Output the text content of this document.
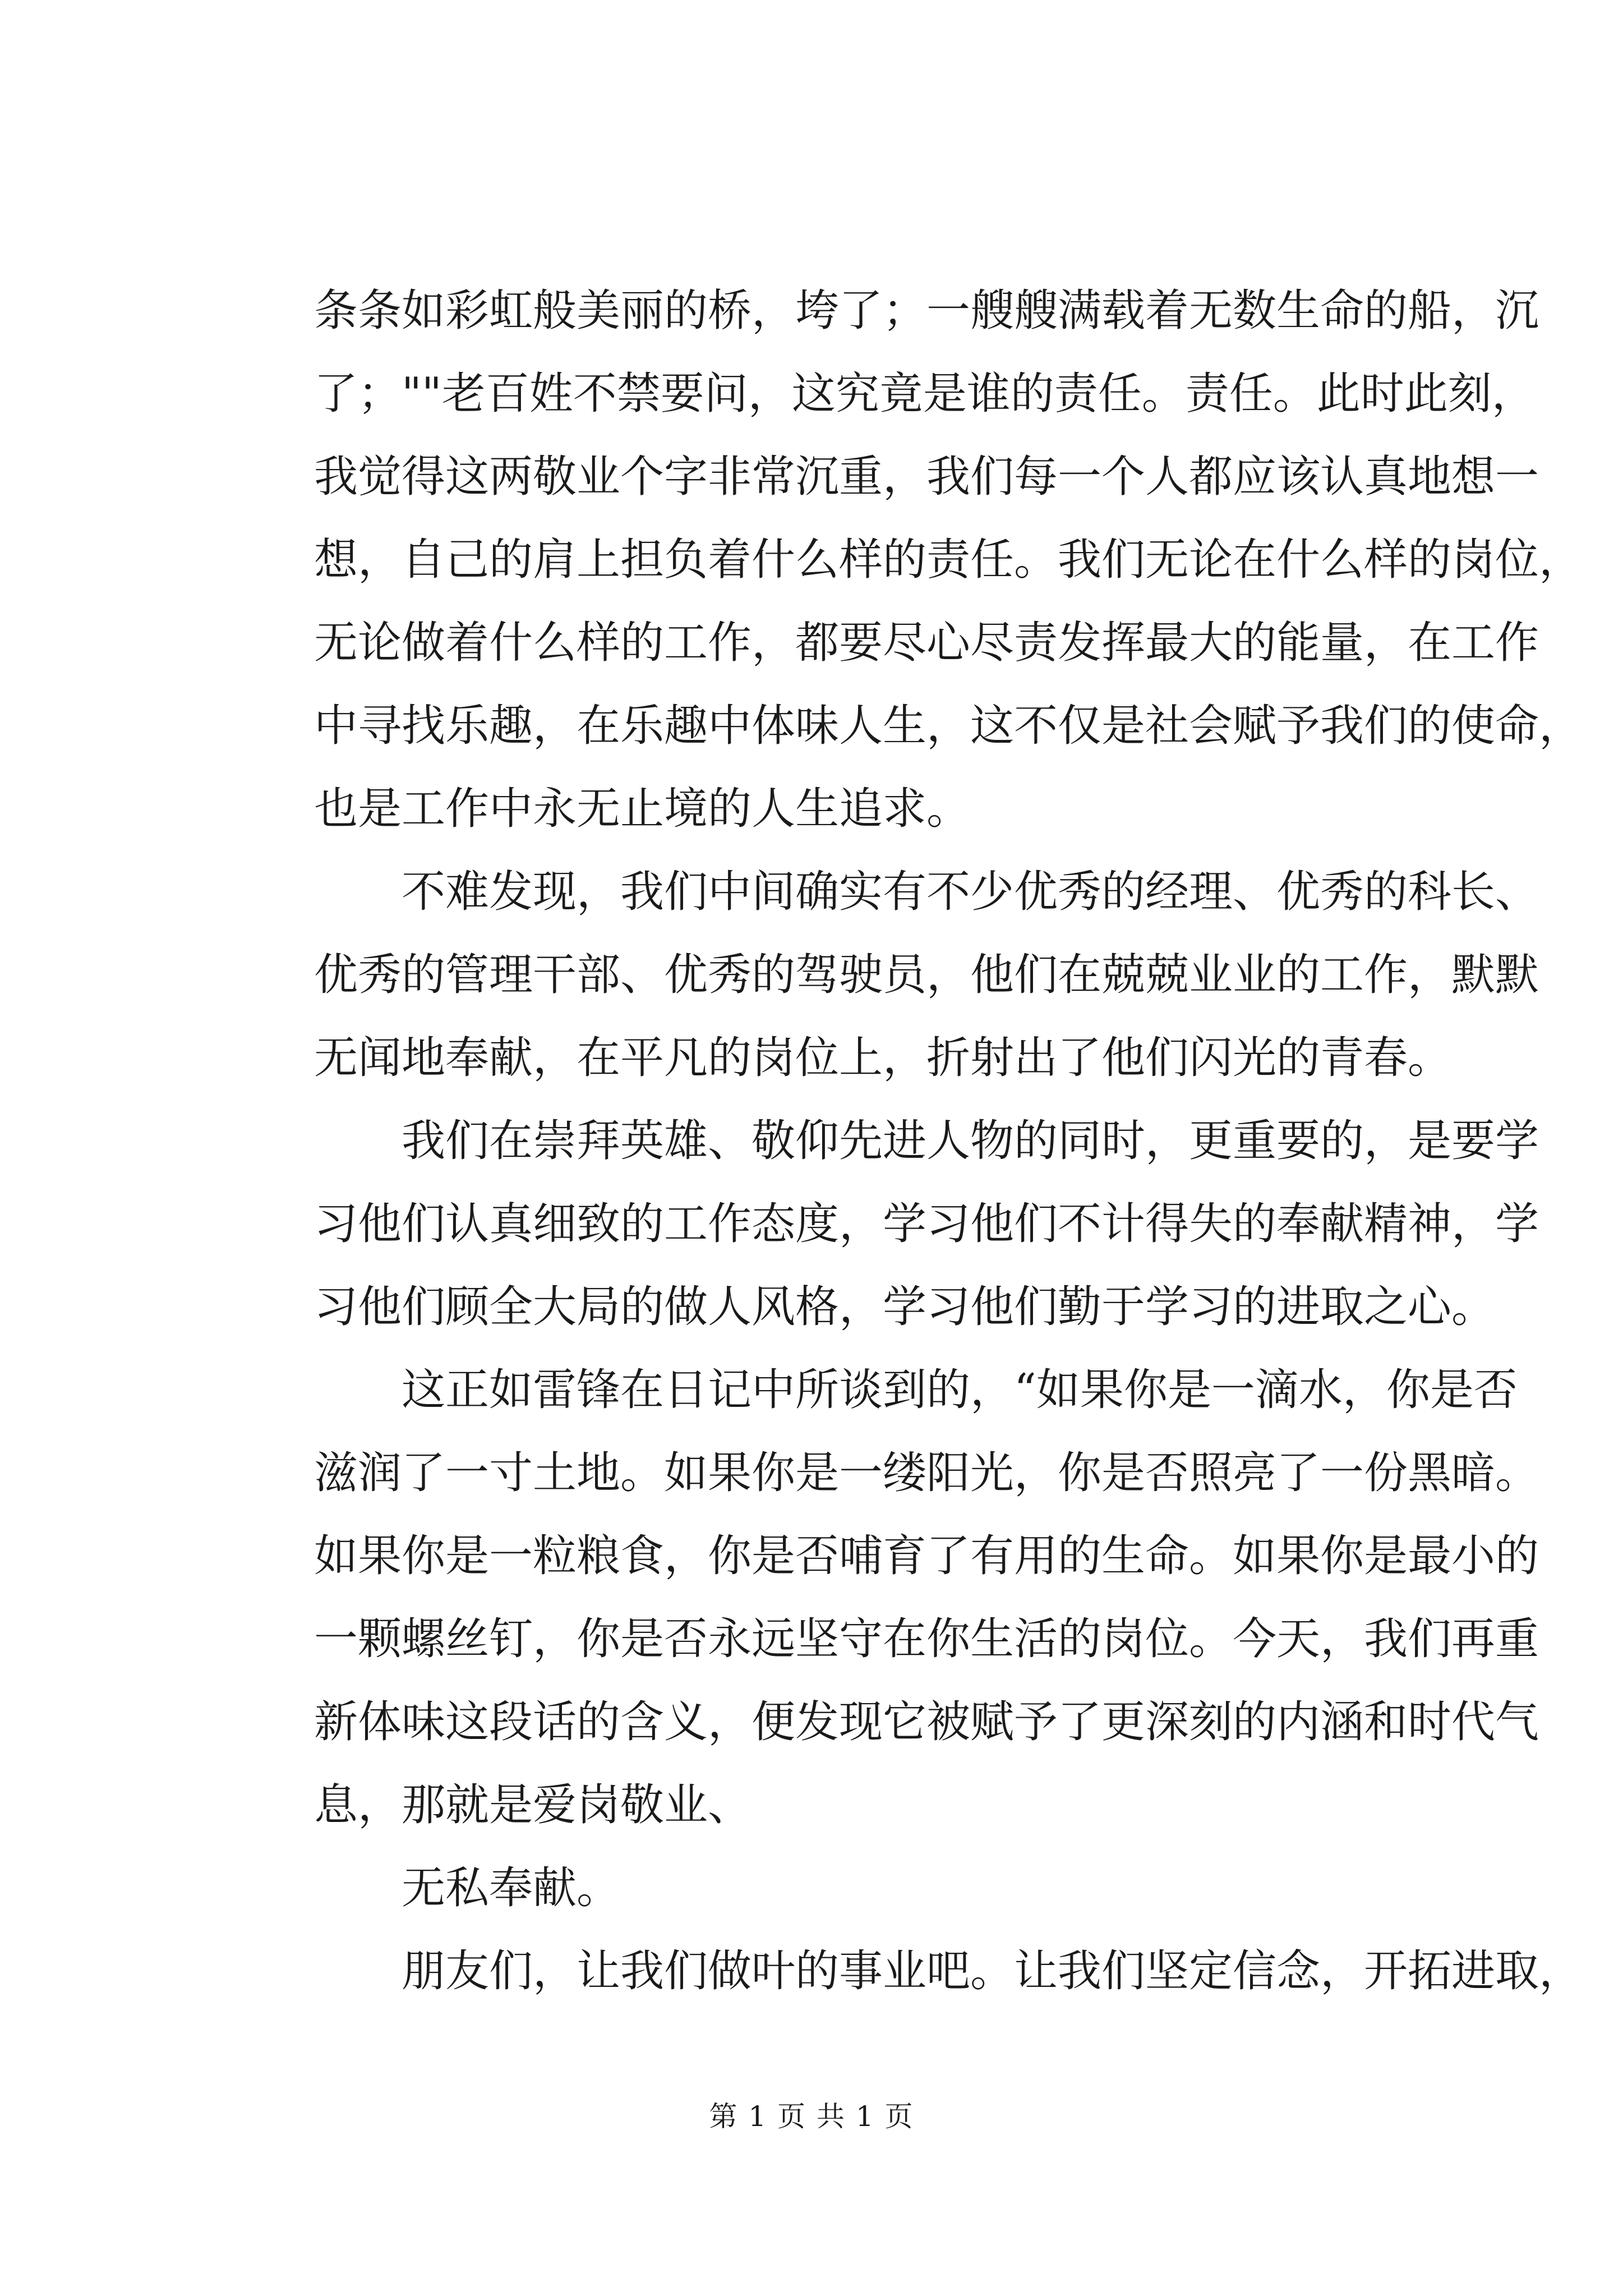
条条如彩虹般美丽的桥，垮了；一艘艘满载着无数生命的船，沉
了；""老百姓不禁要问，这究竟是谁的责任。责任。此时此刻，
我觉得这两敬业个字非常沉重，我们每一个人都应该认真地想一
想，自己的肩上担负着什么样的责任。我们无论在什么样的岗位，
无论做着什么样的工作，都要尽心尽责发挥最大的能量，在工作
中寻找乐趣，在乐趣中体味人生，这不仅是社会赋予我们的使命，
也是工作中永无止境的人生追求。
不难发现，我们中间确实有不少优秀的经理、优秀的科长、
优秀的管理干部、优秀的驾驶员，他们在兢兢业业的工作，默默
无闻地奉献，在平凡的岗位上，折射出了他们闪光的青春。
我们在崇拜英雄、敬仰先进人物的同时，更重要的，是要学
习他们认真细致的工作态度，学习他们不计得失的奉献精神，学
习他们顾全大局的做人风格，学习他们勤于学习的进取之心。
这正如雷锋在日记中所谈到的，“如果你是一滴水，你是否
滋润了一寸土地。如果你是一缕阳光，你是否照亮了一份黑暗。
如果你是一粒粮食，你是否哺育了有用的生命。如果你是最小的
一颗螺丝钉，你是否永远坚守在你生活的岗位。今天，我们再重
新体味这段话的含义，便发现它被赋予了更深刻的内涵和时代气
息，那就是爱岗敬业、
无私奉献。
朋友们，让我们做叶的事业吧。让我们坚定信念，开拓进取，
第 1 页 共 1 页
